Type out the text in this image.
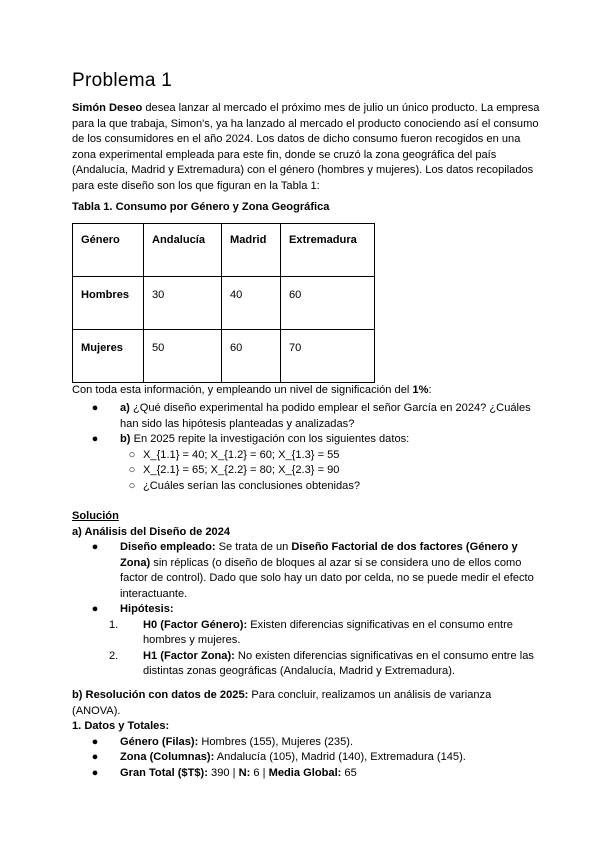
Problema 1
Simón Deseo desea lanzar al mercado el próximo mes de julio un único producto. La empresa para la que trabaja, Simon's, ya ha lanzado al mercado el producto conociendo así el consumo de los consumidores en el año 2024. Los datos de dicho consumo fueron recogidos en una zona experimental empleada para este fin, donde se cruzó la zona geográfica del país (Andalucía, Madrid y Extremadura) con el género (hombres y mujeres). Los datos recopilados para este diseño son los que figuran en la Tabla 1:
Tabla 1. Consumo por Género y Zona Geográfica
Género	Andalucía	Madrid	Extremadura
Hombres	30	40	60
Mujeres	50	60	70
Con toda esta información, y empleando un nivel de significación del 1%:
● a) ¿Qué diseño experimental ha podido emplear el señor García en 2024? ¿Cuáles han sido las hipótesis planteadas y analizadas?
● b) En 2025 repite la investigación con los siguientes datos:
○ X_{1.1} = 40; X_{1.2} = 60; X_{1.3} = 55
○ X_{2.1} = 65; X_{2.2} = 80; X_{2.3} = 90
○ ¿Cuáles serían las conclusiones obtenidas?
Solución
a) Análisis del Diseño de 2024
● Diseño empleado: Se trata de un Diseño Factorial de dos factores (Género y Zona) sin réplicas (o diseño de bloques al azar si se considera uno de ellos como factor de control). Dado que solo hay un dato por celda, no se puede medir el efecto interactuante.
● Hipótesis:
1. H0 (Factor Género): Existen diferencias significativas en el consumo entre hombres y mujeres.
2. H1 (Factor Zona): No existen diferencias significativas en el consumo entre las distintas zonas geográficas (Andalucía, Madrid y Extremadura).
b) Resolución con datos de 2025: Para concluir, realizamos un análisis de varianza (ANOVA).
1. Datos y Totales:
● Género (Filas): Hombres (155), Mujeres (235).
● Zona (Columnas): Andalucía (105), Madrid (140), Extremadura (145).
● Gran Total ($T$): 390 | N: 6 | Media Global: 65
